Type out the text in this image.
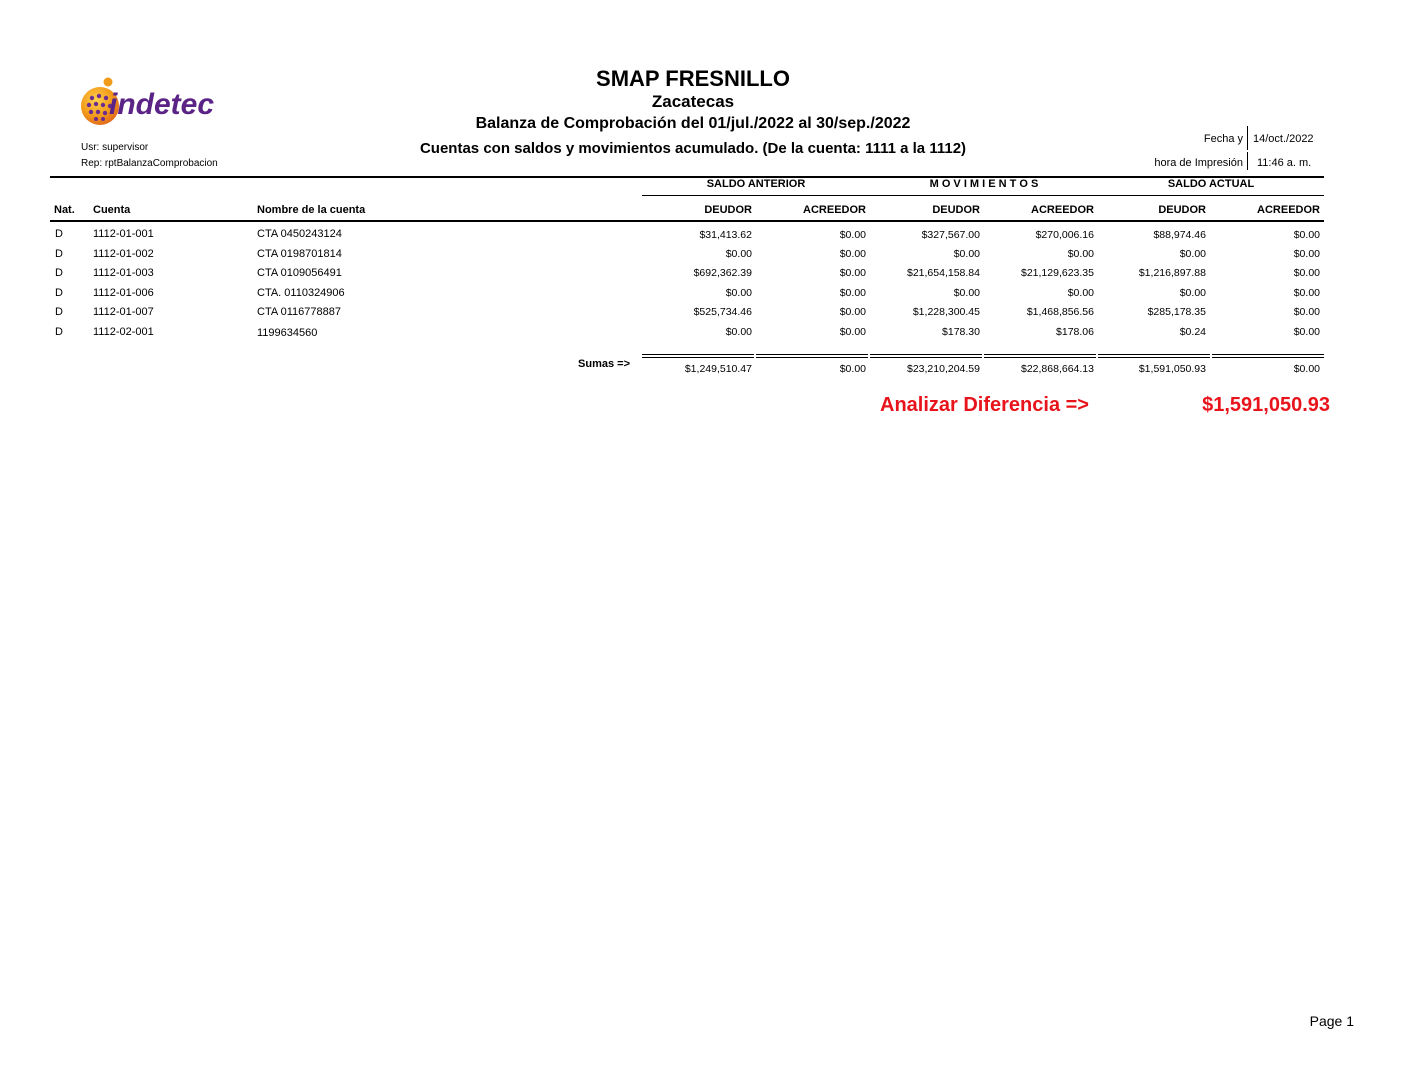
indetec
SMAP FRESNILLO
Zacatecas
Balanza de Comprobación del 01/jul./2022 al 30/sep./2022
Cuentas con saldos y movimientos acumulado. (De la cuenta: 1111 a la 1112)
Usr: supervisor
Rep: rptBalanzaComprobacion
Fecha y 14/oct./2022
hora de Impresión 11:46 a. m.
SALDO ANTERIOR	M O V I M I E N T O S	SALDO ACTUAL
Nat. Cuenta	Nombre de la cuenta	DEUDOR	ACREEDOR	DEUDOR	ACREEDOR	DEUDOR	ACREEDOR
D	1112-01-001	CTA 0450243124	$31,413.62	$0.00	$327,567.00	$270,006.16	$88,974.46	$0.00
D	1112-01-002	CTA 0198701814	$0.00	$0.00	$0.00	$0.00	$0.00	$0.00
D	1112-01-003	CTA 0109056491	$692,362.39	$0.00	$21,654,158.84	$21,129,623.35	$1,216,897.88	$0.00
D	1112-01-006	CTA. 0110324906	$0.00	$0.00	$0.00	$0.00	$0.00	$0.00
D	1112-01-007	CTA 0116778887	$525,734.46	$0.00	$1,228,300.45	$1,468,856.56	$285,178.35	$0.00
D	1112-02-001	1199634560	$0.00	$0.00	$178.30	$178.06	$0.24	$0.00
Sumas =>	$1,249,510.47	$0.00	$23,210,204.59	$22,868,664.13	$1,591,050.93	$0.00
Analizar Diferencia =>	$1,591,050.93
Page 1
